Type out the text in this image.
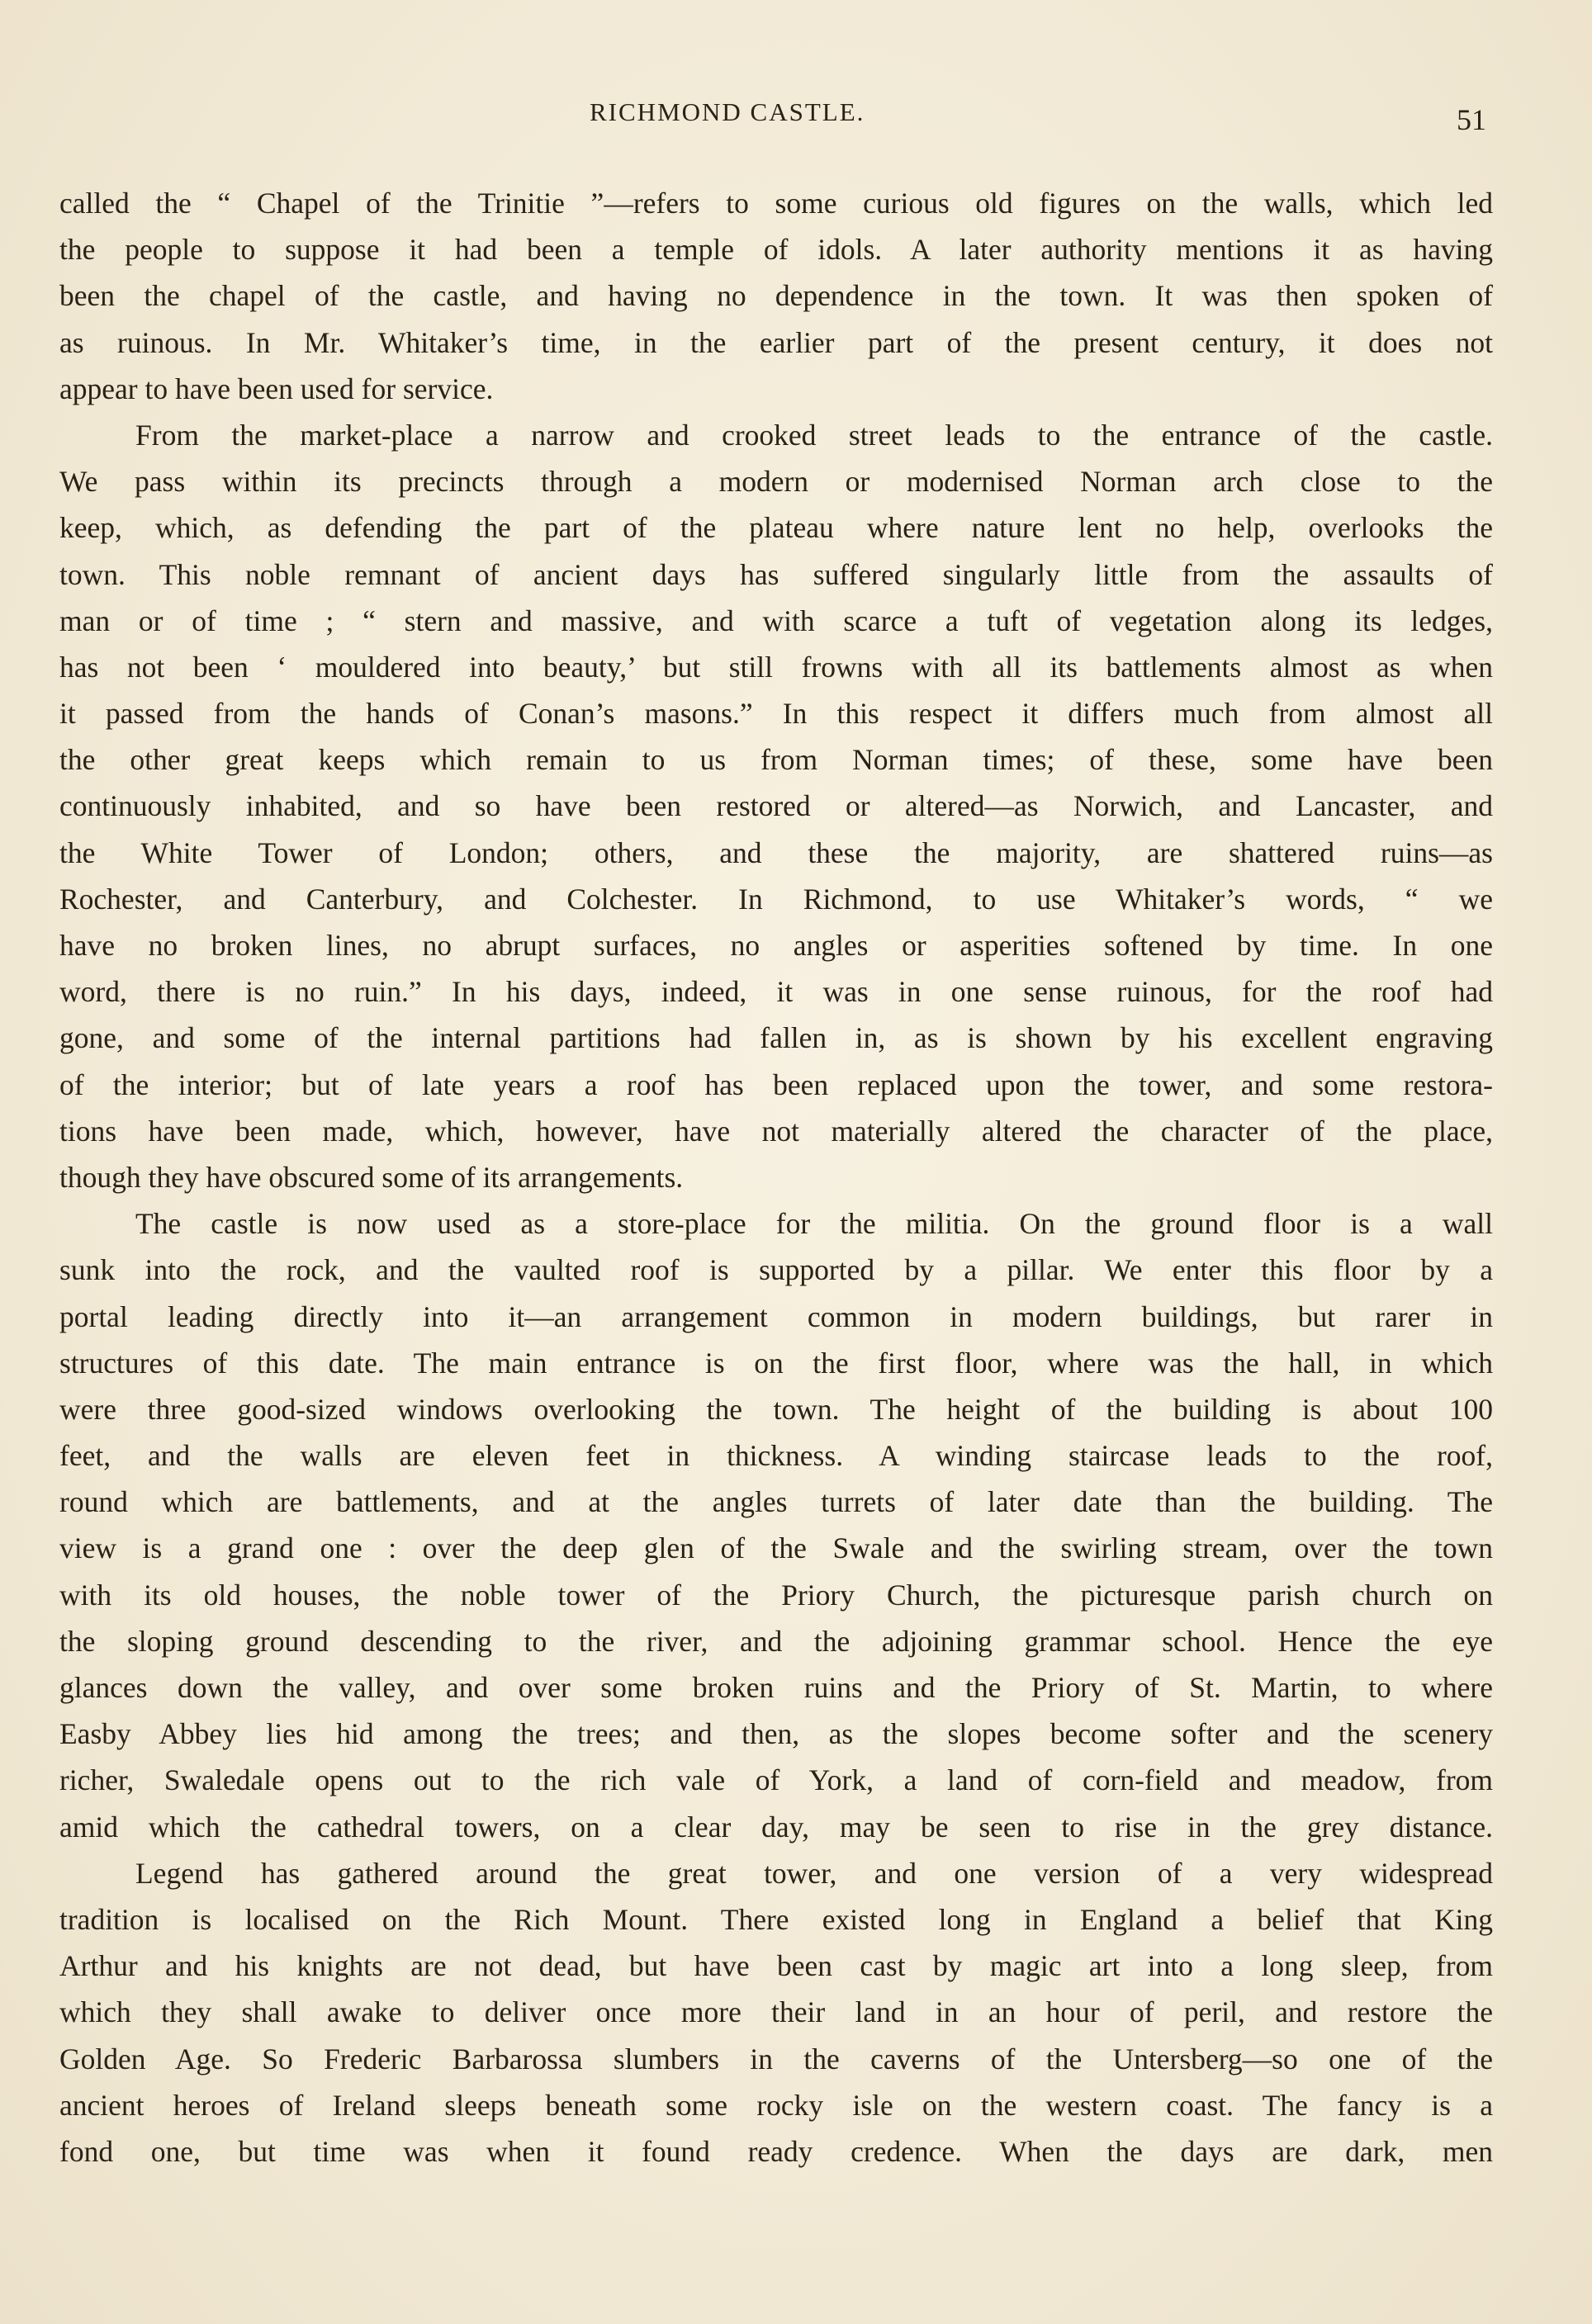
RICHMOND CASTLE.	51
called the “ Chapel of the Trinitie ”—refers to some curious old figures on the walls, which led
the people to suppose it had been a temple of idols. A later authority mentions it as having
been the chapel of the castle, and having no dependence in the town. It was then spoken of
as ruinous. In Mr. Whitaker’s time, in the earlier part of the present century, it does not
appear to have been used for service.
From the market-place a narrow and crooked street leads to the entrance of the castle.
We pass within its precincts through a modern or modernised Norman arch close to the
keep, which, as defending the part of the plateau where nature lent no help, overlooks the
town. This noble remnant of ancient days has suffered singularly little from the assaults of
man or of time ; “ stern and massive, and with scarce a tuft of vegetation along its ledges,
has not been ‘ mouldered into beauty,’ but still frowns with all its battlements almost as when
it passed from the hands of Conan’s masons.” In this respect it differs much from almost all
the other great keeps which remain to us from Norman times; of these, some have been
continuously inhabited, and so have been restored or altered—as Norwich, and Lancaster, and
the White Tower of London; others, and these the majority, are shattered ruins—as
Rochester, and Canterbury, and Colchester. In Richmond, to use Whitaker’s words, “ we
have no broken lines, no abrupt surfaces, no angles or asperities softened by time. In one
word, there is no ruin.” In his days, indeed, it was in one sense ruinous, for the roof had
gone, and some of the internal partitions had fallen in, as is shown by his excellent engraving
of the interior; but of late years a roof has been replaced upon the tower, and some restora-
tions have been made, which, however, have not materially altered the character of the place,
though they have obscured some of its arrangements.
The castle is now used as a store-place for the militia. On the ground floor is a wall
sunk into the rock, and the vaulted roof is supported by a pillar. We enter this floor by a
portal leading directly into it—an arrangement common in modern buildings, but rarer in
structures of this date. The main entrance is on the first floor, where was the hall, in which
were three good-sized windows overlooking the town. The height of the building is about 100
feet, and the walls are eleven feet in thickness. A winding staircase leads to the roof,
round which are battlements, and at the angles turrets of later date than the building. The
view is a grand one : over the deep glen of the Swale and the swirling stream, over the town
with its old houses, the noble tower of the Priory Church, the picturesque parish church on
the sloping ground descending to the river, and the adjoining grammar school. Hence the eye
glances down the valley, and over some broken ruins and the Priory of St. Martin, to where
Easby Abbey lies hid among the trees; and then, as the slopes become softer and the scenery
richer, Swaledale opens out to the rich vale of York, a land of corn-field and meadow, from
amid which the cathedral towers, on a clear day, may be seen to rise in the grey distance.
Legend has gathered around the great tower, and one version of a very widespread
tradition is localised on the Rich Mount. There existed long in England a belief that King
Arthur and his knights are not dead, but have been cast by magic art into a long sleep, from
which they shall awake to deliver once more their land in an hour of peril, and restore the
Golden Age. So Frederic Barbarossa slumbers in the caverns of the Untersberg—so one of the
ancient heroes of Ireland sleeps beneath some rocky isle on the western coast. The fancy is a
fond one, but time was when it found ready credence. When the days are dark, men
